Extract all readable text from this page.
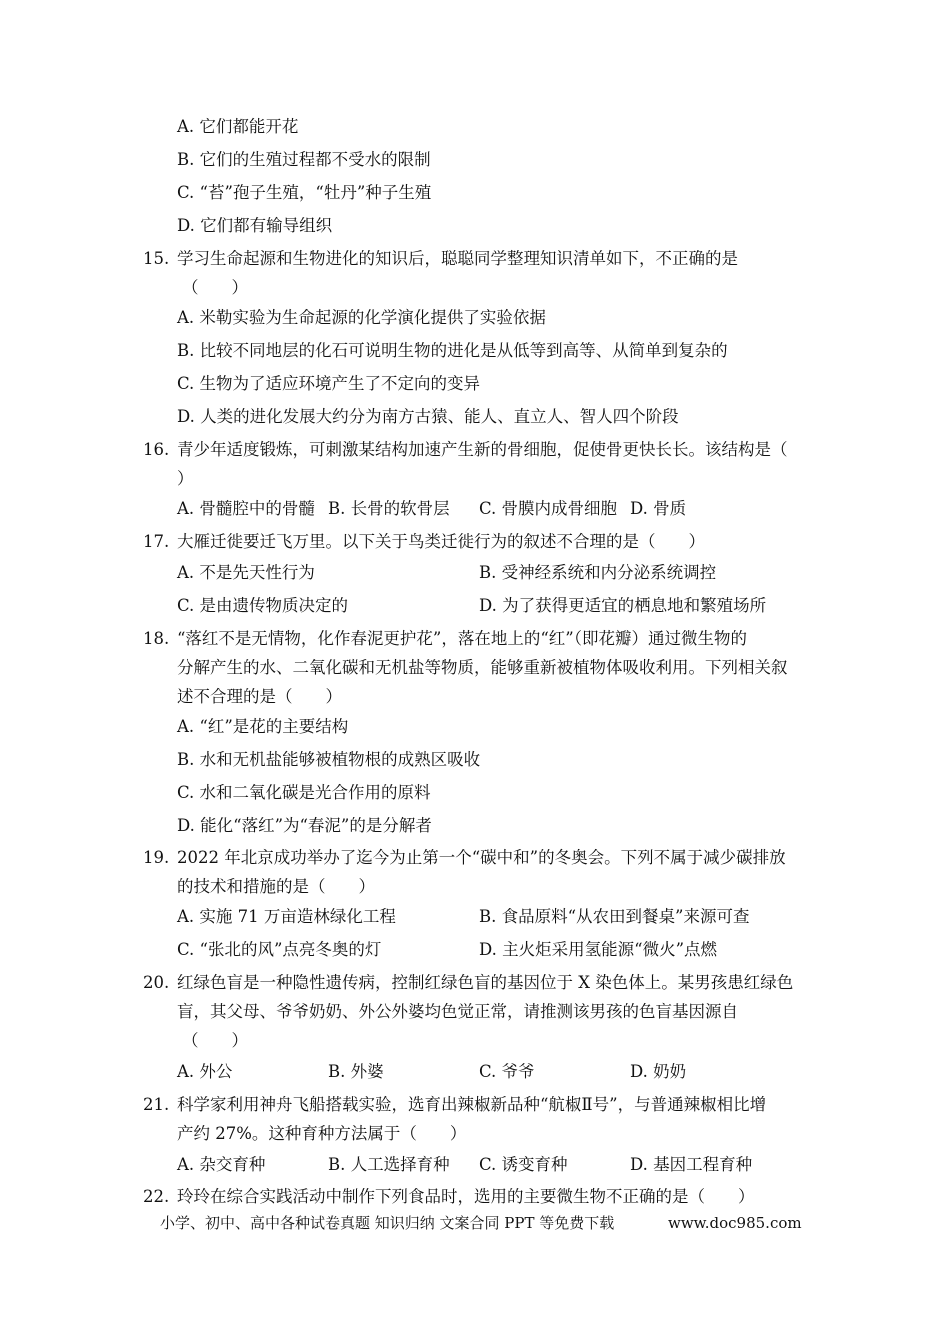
A. 它们都能开花
B. 它们的生殖过程都不受水的限制
C. “苔”孢子生殖，“牡丹”种子生殖
D. 它们都有输导组织
15. 学习生命起源和生物进化的知识后，聪聪同学整理知识清单如下，不正确的是
（　　）
A. 米勒实验为生命起源的化学演化提供了实验依据
B. 比较不同地层的化石可说明生物的进化是从低等到高等、从简单到复杂的
C. 生物为了适应环境产生了不定向的变异
D. 人类的进化发展大约分为南方古猿、能人、直立人、智人四个阶段
16. 青少年适度锻炼，可刺激某结构加速产生新的骨细胞，促使骨更快长长。该结构是（
）
A. 骨髓腔中的骨髓 B. 长骨的软骨层 C. 骨膜内成骨细胞 D. 骨质
17. 大雁迁徙要迁飞万里。以下关于鸟类迁徙行为的叙述不合理的是（　　）
A. 不是先天性行为	B. 受神经系统和内分泌系统调控
C. 是由遗传物质决定的	D. 为了获得更适宜的栖息地和繁殖场所
18. “落红不是无情物，化作春泥更护花”，落在地上的“红”（即花瓣）通过微生物的
分解产生的水、二氧化碳和无机盐等物质，能够重新被植物体吸收利用。下列相关叙
述不合理的是（　　）
A. “红”是花的主要结构
B. 水和无机盐能够被植物根的成熟区吸收
C. 水和二氧化碳是光合作用的原料
D. 能化“落红”为“春泥”的是分解者
19. 2022 年北京成功举办了迄今为止第一个“碳中和”的冬奥会。下列不属于减少碳排放
的技术和措施的是（　　）
A. 实施 71 万亩造林绿化工程	B. 食品原料“从农田到餐桌”来源可查
C. “张北的风”点亮冬奥的灯	D. 主火炬采用氢能源“微火”点燃
20. 红绿色盲是一种隐性遗传病，控制红绿色盲的基因位于 X 染色体上。某男孩患红绿色
盲，其父母、爷爷奶奶、外公外婆均色觉正常，请推测该男孩的色盲基因源自
（　　）
A. 外公	B. 外婆	C. 爷爷	D. 奶奶
21. 科学家利用神舟飞船搭载实验，选育出辣椒新品种“航椒Ⅱ号”，与普通辣椒相比增
产约 27%。这种育种方法属于（　　）
A. 杂交育种	B. 人工选择育种 C. 诱变育种	D. 基因工程育种
22. 玲玲在综合实践活动中制作下列食品时，选用的主要微生物不正确的是（　　）
小学、初中、高中各种试卷真题 知识归纳 文案合同 PPT 等免费下载	www.doc985.com
